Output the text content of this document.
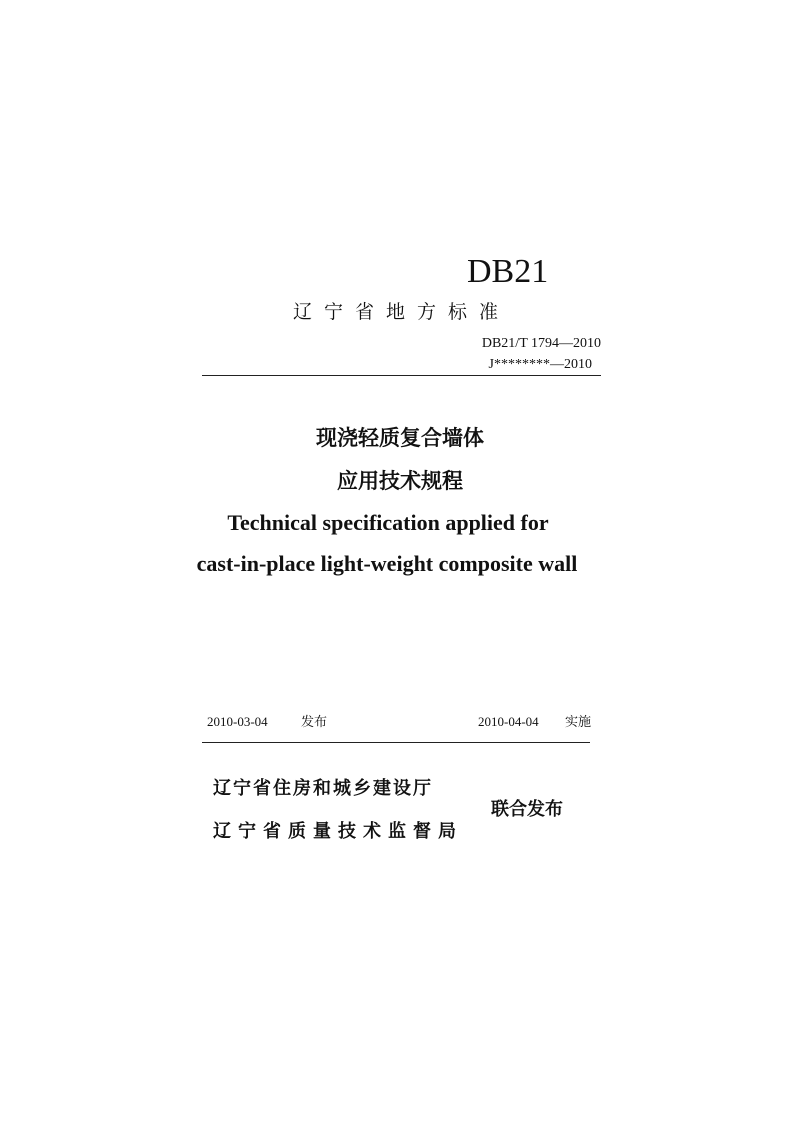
DB21
辽宁省地方标准
DB21/T 1794—2010
J********—2010
现浇轻质复合墙体
应用技术规程
Technical specification applied for
cast-in-place light-weight composite wall
2010-03-04	发布	2010-04-04 实施
辽宁省住房和城乡建设厅
辽宁省质量技术监督局
联合发布
